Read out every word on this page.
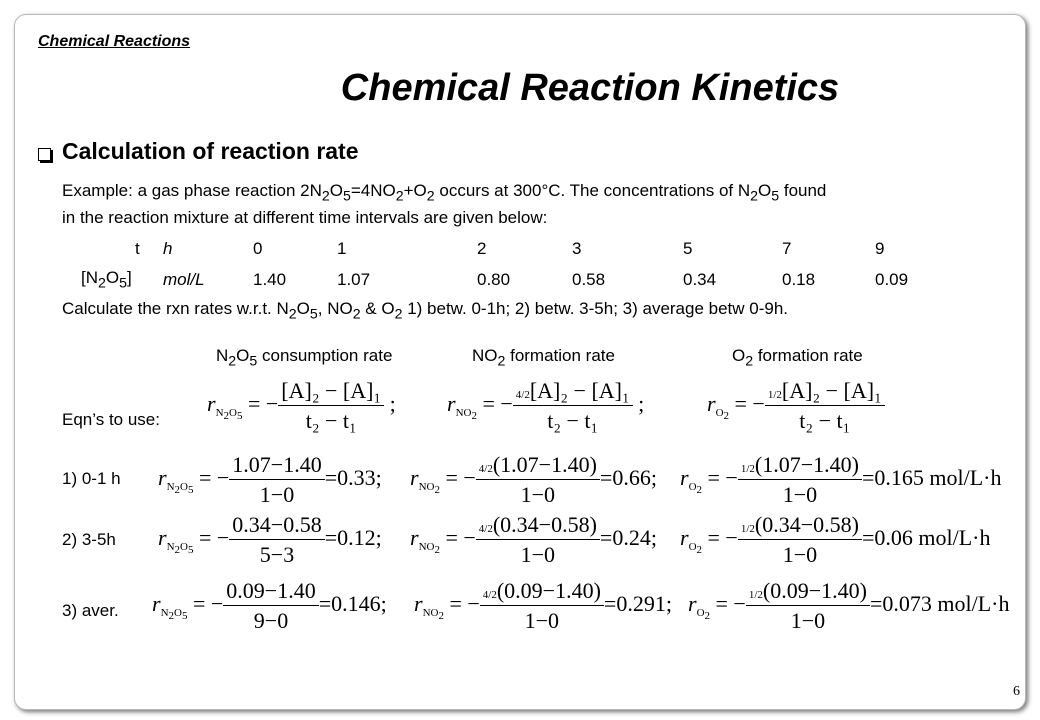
Chemical Reactions
Chemical Reaction Kinetics
Calculation of reaction rate
Example: a gas phase reaction $2N_2O_5=4NO_2+O_2$ occurs at 300°C. The concentrations of $N_2O_5$ found
in the reaction mixture at different time intervals are given below:
t h	0	1	2	3	5	7	9
$[N_2O_5]$ mol/L	1.40	1.07	0.80	0.58	0.34	0.18	0.09
Calculate the rxn rates w.r.t. $N_2O_5$, $NO_2$ & $O_2$ 1) betw. 0-1h; 2) betw. 3-5h; 3) average betw 0-9h.
$N_2O_5$ consumption rate	$NO_2$ formation rate	$O_2$ formation rate
Eqn’s to use:
$r_{N_2O_5}$ = − $\frac{\text{[A]₂ − [A]₁}}{\text{t₂ − t₁}}$ ; $r_{NO_2}$ = − $\frac{\text{4/2[A]₂ − [A]₁}}{\text{t₂ − t₁}}$ ;	$r_{O_2}$ = − $\frac{\text{1/2[A]₂ − [A]₁}}{\text{t₂ − t₁}}$
1) 0-1 h $r_{N_2O_5}$ = − $\frac{1.07-1.40}{1-0} =0.33$; $r_{NO_2}$ = − $\frac{4/2(1.07-1.40)}{1-0} =0.66$; $r_{O_2}$ = − $\frac{1/2(1.07-1.40)}{1-0} =0.165$ mol/L·h
2) 3-5h $r_{N_2O_5}$ = − $\frac{0.34-0.58}{5-3} =0.12$; $r_{NO_2}$ = − $\frac{4/2(0.34-0.58)}{1-0} =0.24$; $r_{O_2}$ = − $\frac{1/2(0.34-0.58)}{1-0} =0.06$ mol/L·h
3) aver. $r_{N_2O_5}$ = − $\frac{0.09-1.40}{9-0} =0.146$; $r_{NO_2}$ = − $\frac{4/2(0.09-1.40)}{1-0} =0.291$; $r_{O_2}$ = − $\frac{1/2(0.09-1.40)}{1-0} =0.073$ mol/L·h
6
